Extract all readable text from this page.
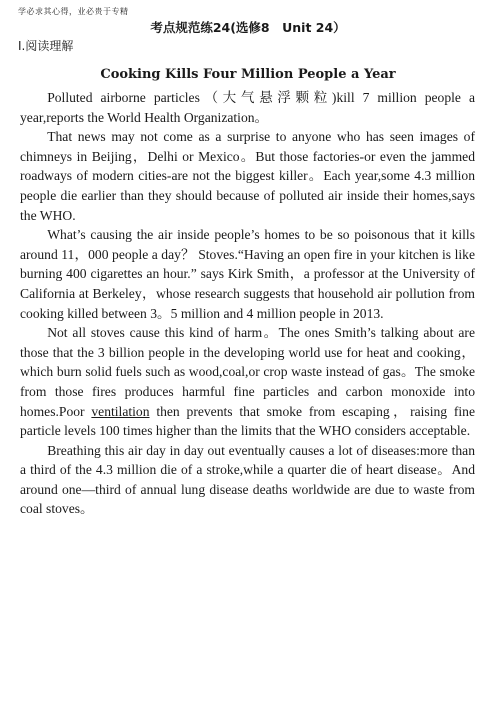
学必求其心得，业必贵于专精
考点规范练24(选修8　Unit 24）
Ⅰ.阅读理解
Cooking Kills Four Million People a Year

Polluted airborne particles（大气悬浮颗粒)kill 7 million people a year,reports the World Health Organization。

That news may not come as a surprise to anyone who has seen images of chimneys in Beijing，Delhi or Mexico。But those factories-or even the jammed roadways of modern cities-are not the biggest killer。Each year,some 4.3 million people die earlier than they should because of polluted air inside their homes,says the WHO.

What’s causing the air inside people’s homes to be so poisonous that it kills around 11，000 people a day？ Stoves.“Having an open fire in your kitchen is like burning 400 cigarettes an hour.” says Kirk Smith，a professor at the University of California at Berkeley，whose research suggests that household air pollution from cooking killed between 3。5 million and 4 million people in 2013.

Not all stoves cause this kind of harm。The ones Smith’s talking about are those that the 3 billion people in the developing world use for heat and cooking，which burn solid fuels such as wood,coal,or crop waste instead of gas。The smoke from those fires produces harmful fine particles and carbon monoxide into homes.Poor ventilation then prevents that smoke from escaping，raising fine particle levels 100 times higher than the limits that the WHO considers acceptable.

Breathing this air day in day out eventually causes a lot of diseases:more than a third of the 4.3 million die of a stroke,while a quarter die of heart disease。And around one—third of annual lung disease deaths worldwide are due to waste from coal stoves。
